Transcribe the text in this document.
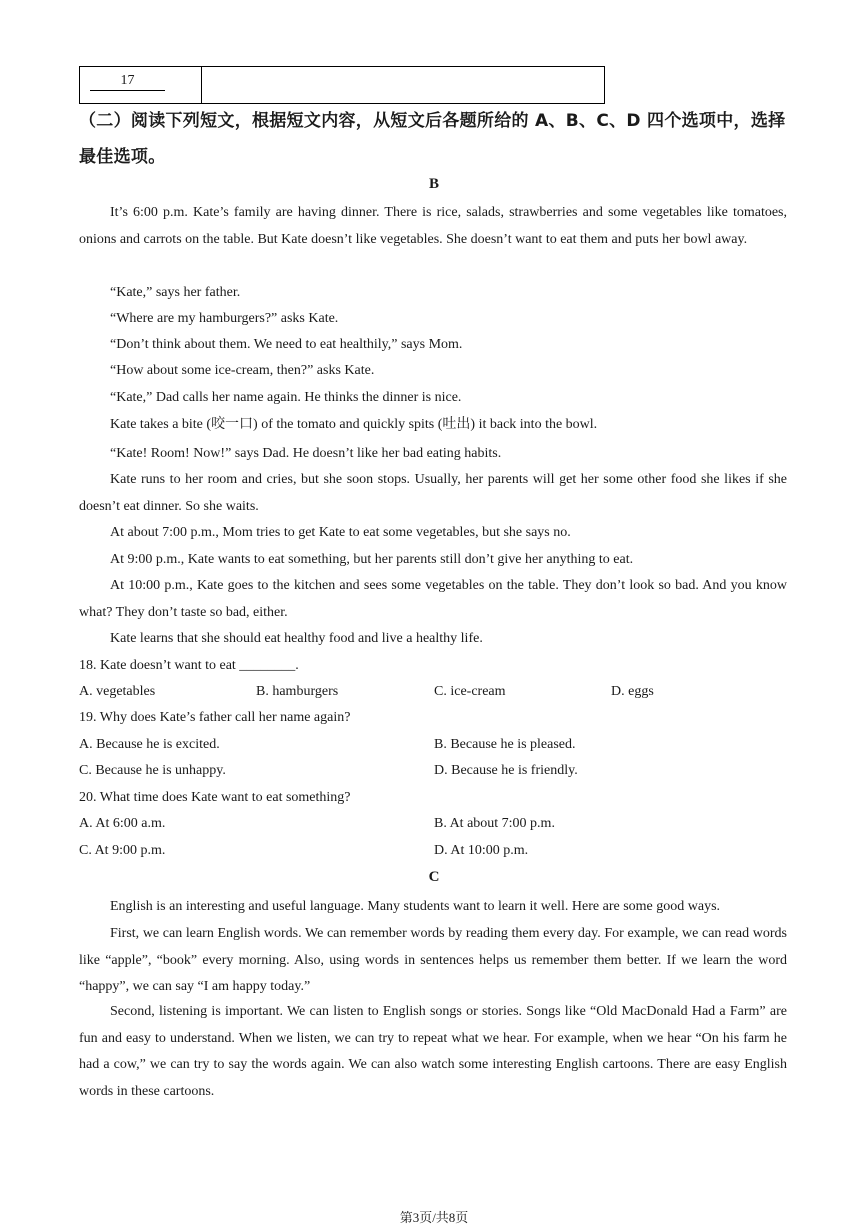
17
（二）阅读下列短文，根据短文内容，从短文后各题所给的 A、B、C、D 四个选项中，选择最佳选项。
B
It’s 6:00 p.m. Kate’s family are having dinner. There is rice, salads, strawberries and some vegetables like tomatoes, onions and carrots on the table. But Kate doesn’t like vegetables. She doesn’t want to eat them and puts her bowl away.
“Kate,” says her father.
“Where are my hamburgers?” asks Kate.
“Don’t think about them. We need to eat healthily,” says Mom.
“How about some ice-cream, then?” asks Kate.
“Kate,” Dad calls her name again. He thinks the dinner is nice.
Kate takes a bite (咬一口) of the tomato and quickly spits (吐出) it back into the bowl.
“Kate! Room! Now!” says Dad. He doesn’t like her bad eating habits.
Kate runs to her room and cries, but she soon stops. Usually, her parents will get her some other food she likes if she doesn’t eat dinner. So she waits.
At about 7:00 p.m., Mom tries to get Kate to eat some vegetables, but she says no.
At 9:00 p.m., Kate wants to eat something, but her parents still don’t give her anything to eat.
At 10:00 p.m., Kate goes to the kitchen and sees some vegetables on the table. They don’t look so bad. And you know what? They don’t taste so bad, either.
Kate learns that she should eat healthy food and live a healthy life.
18. Kate doesn’t want to eat ________.
A. vegetables	B. hamburgers	C. ice-cream	D. eggs
19. Why does Kate’s father call her name again?
A. Because he is excited.	B. Because he is pleased.
C. Because he is unhappy.	D. Because he is friendly.
20. What time does Kate want to eat something?
A. At 6:00 a.m.	B. At about 7:00 p.m.
C. At 9:00 p.m.	D. At 10:00 p.m.
C
English is an interesting and useful language. Many students want to learn it well. Here are some good ways.
First, we can learn English words. We can remember words by reading them every day. For example, we can read words like “apple”, “book” every morning. Also, using words in sentences helps us remember them better. If we learn the word “happy”, we can say “I am happy today.”
Second, listening is important. We can listen to English songs or stories. Songs like “Old MacDonald Had a Farm” are fun and easy to understand. When we listen, we can try to repeat what we hear. For example, when we hear “On his farm he had a cow,” we can try to say the words again. We can also watch some interesting English cartoons. There are easy English words in these cartoons.
第3页/共8页
